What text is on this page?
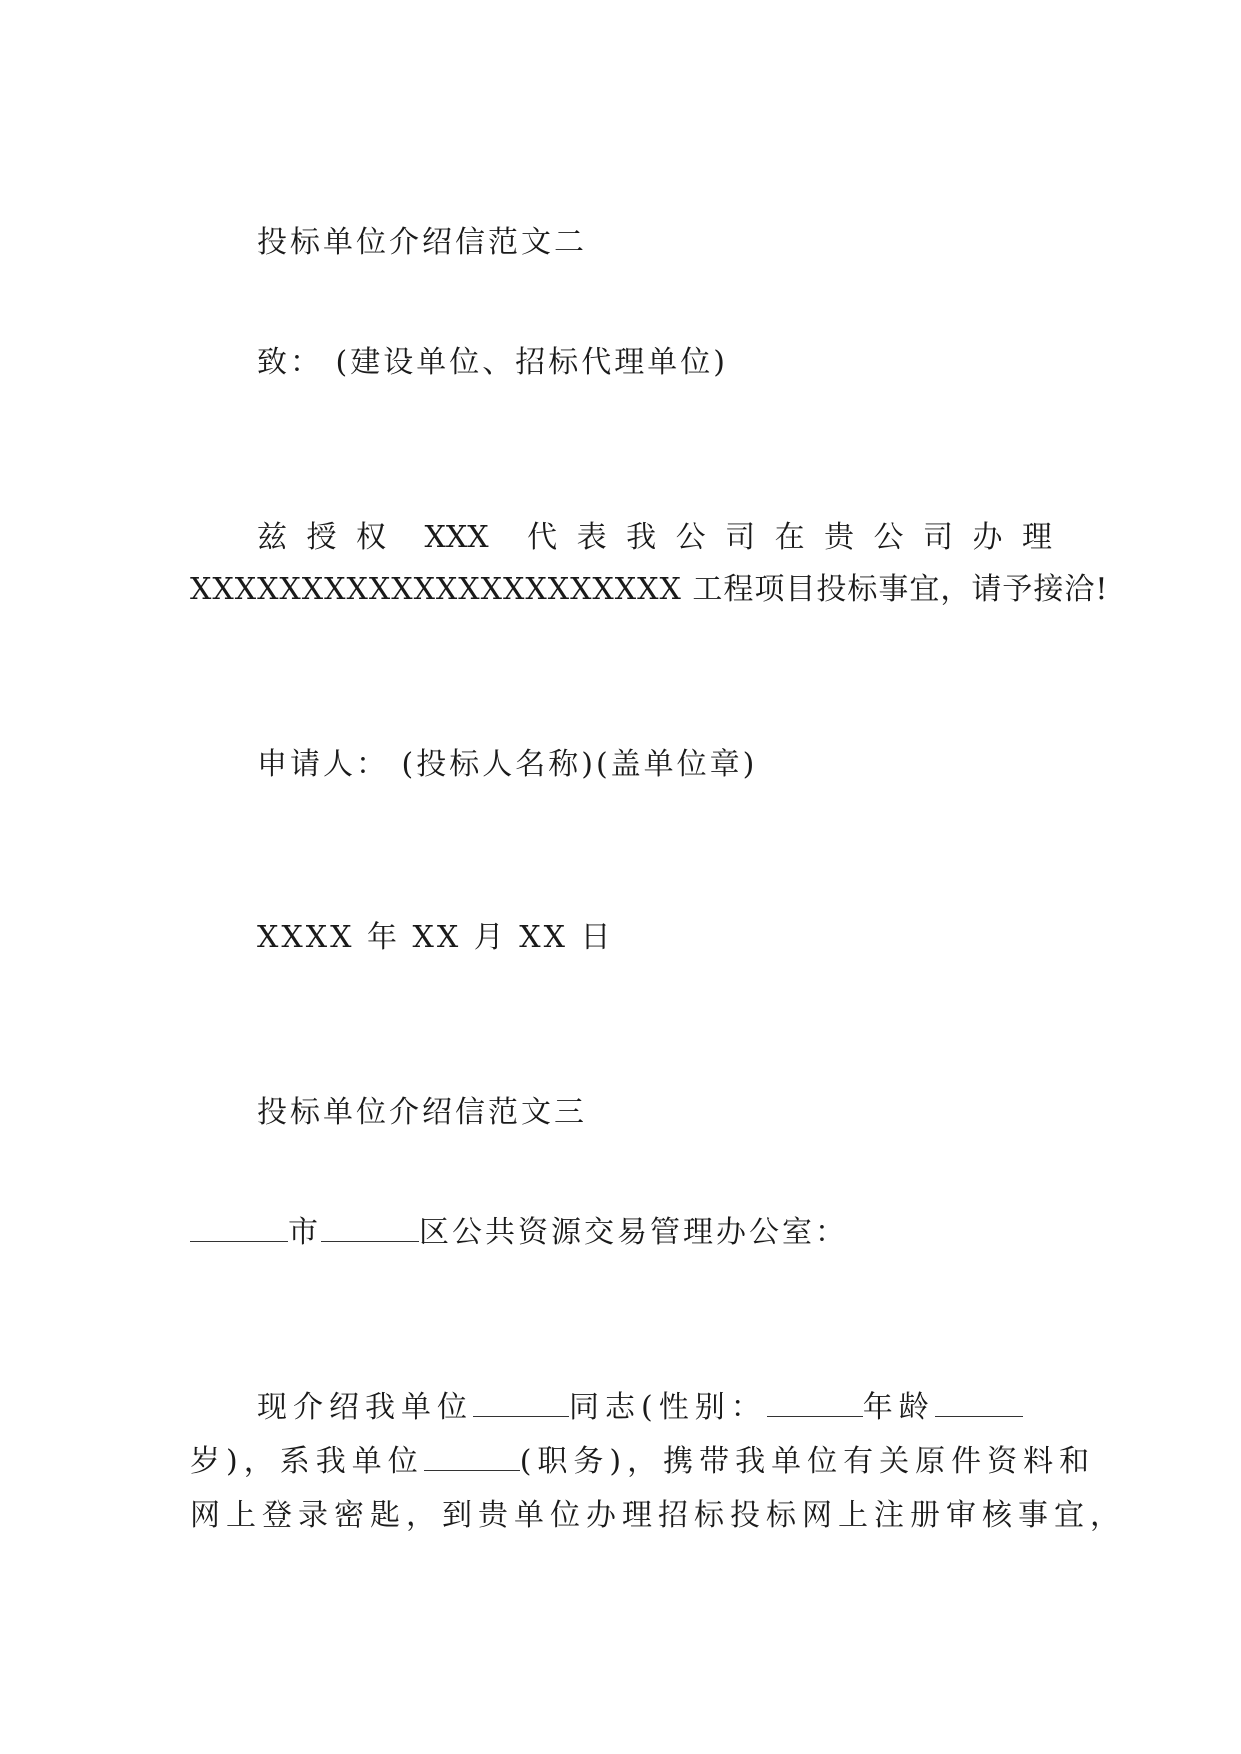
投标单位介绍信范文二
致： (建设单位、招标代理单位)
兹 授 权 XXX 代 表 我 公 司 在 贵 公 司 办 理
XXXXXXXXXXXXXXXXXXXXXX 工程项目投标事宜，请予接洽!
申请人： (投标人名称)(盖单位章)
XXXX 年 XX 月 XX 日
投标单位介绍信范文三
市	区公共资源交易管理办公室：
现介绍我单位	同志(性别：	年龄
岁)，系我单位	(职务)，携带我单位有关原件资料和
网上登录密匙，到贵单位办理招标投标网上注册审核事宜，
